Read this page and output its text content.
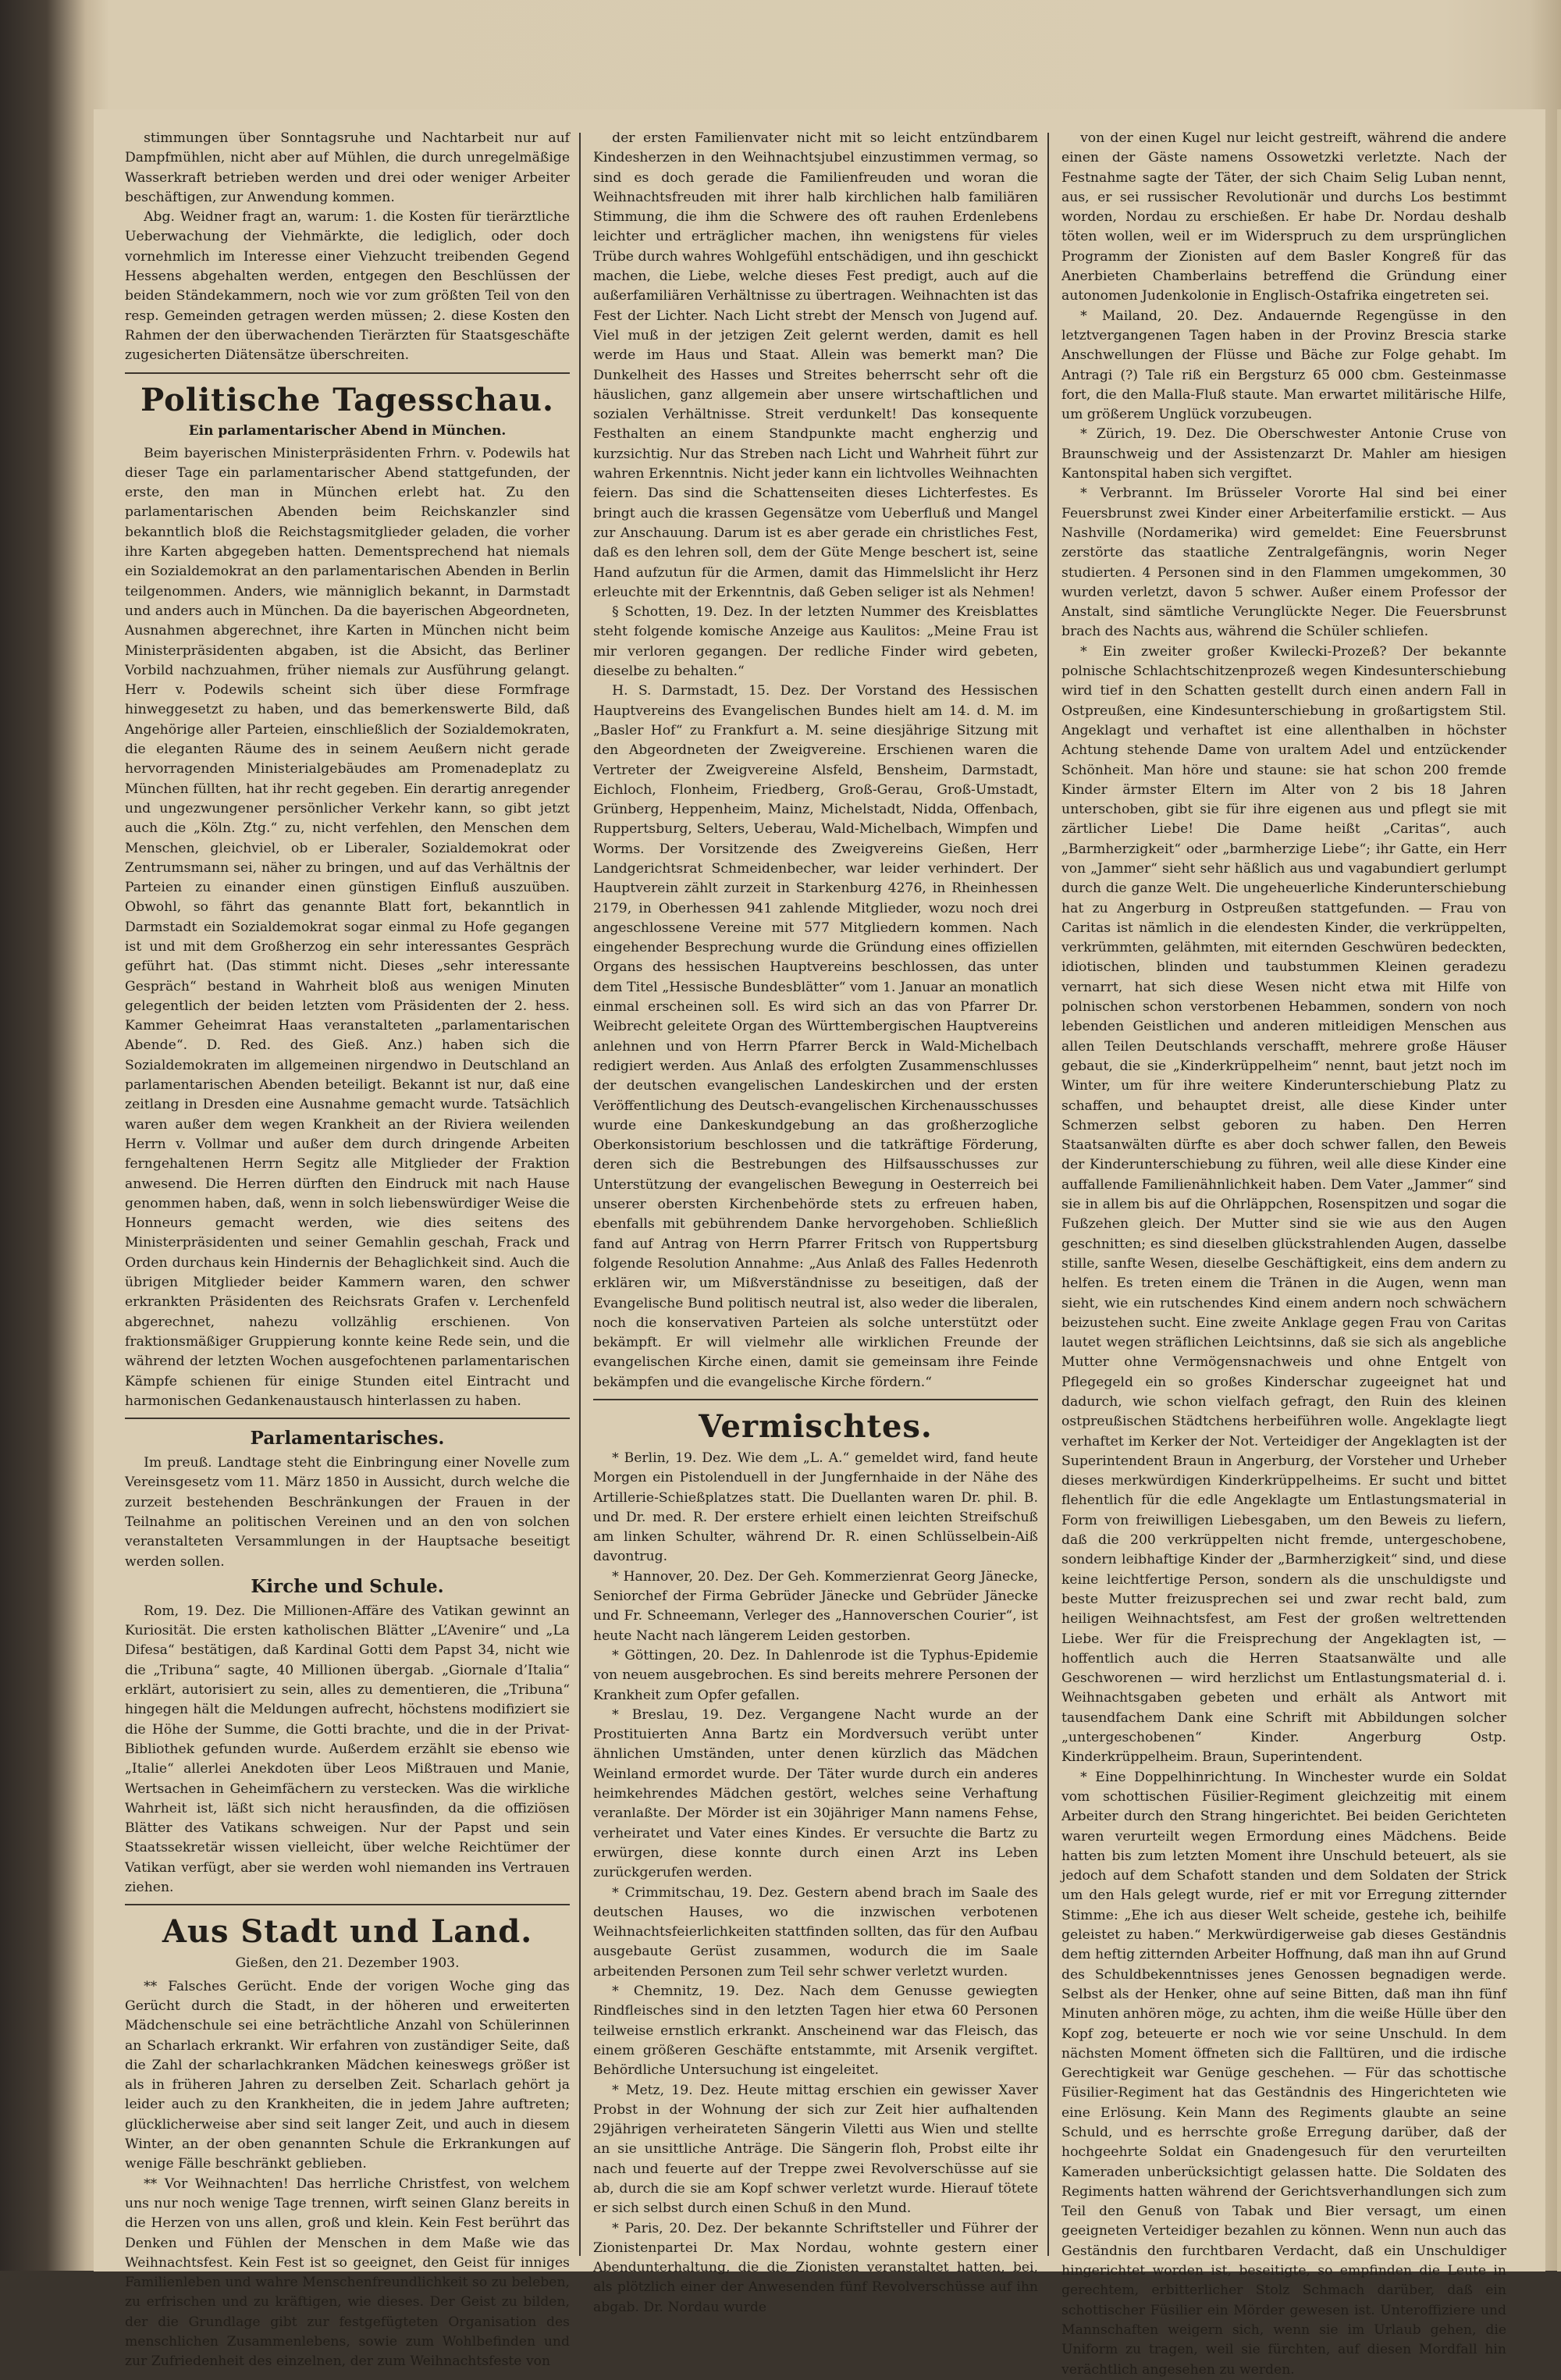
stimmungen über Sonntagsruhe und Nachtarbeit nur auf Dampfmühlen, nicht aber auf Mühlen, die durch unregelmäßige Wasserkraft betrieben werden und drei oder weniger Arbeiter beschäftigen, zur Anwendung kommen.

Abg. Weidner fragt an, warum: 1. die Kosten für tierärztliche Ueberwachung der Viehmärkte, die lediglich, oder doch vornehmlich im Interesse einer Viehzucht treibenden Gegend Hessens abgehalten werden, entgegen den Beschlüssen der beiden Ständekammern, noch wie vor zum größten Teil von den resp. Gemeinden getragen werden müssen; 2. diese Kosten den Rahmen der den überwachenden Tierärzten für Staatsgeschäfte zugesicherten Diätensätze überschreiten.

Politische Tagesschau.
Ein parlamentarischer Abend in München.

Beim bayerischen Ministerpräsidenten Frhrn. v. Podewils hat dieser Tage ein parlamentarischer Abend stattgefunden, der erste, den man in München erlebt hat. Zu den parlamentarischen Abenden beim Reichskanzler sind bekanntlich bloß die Reichstagsmitglieder geladen, die vorher ihre Karten abgegeben hatten. Dementsprechend hat niemals ein Sozialdemokrat an den parlamentarischen Abenden in Berlin teilgenommen. Anders, wie männiglich bekannt, in Darmstadt und anders auch in München. Da die bayerischen Abgeordneten, Ausnahmen abgerechnet, ihre Karten in München nicht beim Ministerpräsidenten abgaben, ist die Absicht, das Berliner Vorbild nachzuahmen, früher niemals zur Ausführung gelangt. Herr v. Podewils scheint sich über diese Formfrage hinweggesetzt zu haben, und das bemerkenswerte Bild, daß Angehörige aller Parteien, einschließlich der Sozialdemokraten, die eleganten Räume des in seinem Aeußern nicht gerade hervorragenden Ministerialgebäudes am Promenadeplatz zu München füllten, hat ihr recht gegeben. Ein derartig anregender und ungezwungener persönlicher Verkehr kann, so gibt jetzt auch die „Köln. Ztg.“ zu, nicht verfehlen, den Menschen dem Menschen, gleichviel, ob er Liberaler, Sozialdemokrat oder Zentrumsmann sei, näher zu bringen, und auf das Verhältnis der Parteien zu einander einen günstigen Einfluß auszuüben. Obwohl, so fährt das genannte Blatt fort, bekanntlich in Darmstadt ein Sozialdemokrat sogar einmal zu Hofe gegangen ist und mit dem Großherzog ein sehr interessantes Gespräch geführt hat. (Das stimmt nicht. Dieses „sehr interessante Gespräch“ bestand in Wahrheit bloß aus wenigen Minuten gelegentlich der beiden letzten vom Präsidenten der 2. hess. Kammer Geheimrat Haas veranstalteten „parlamentarischen Abende“. D. Red. des Gieß. Anz.) haben sich die Sozialdemokraten im allgemeinen nirgendwo in Deutschland an parlamentarischen Abenden beteiligt. Bekannt ist nur, daß eine zeitlang in Dresden eine Ausnahme gemacht wurde. Tatsächlich waren außer dem wegen Krankheit an der Riviera weilenden Herrn v. Vollmar und außer dem durch dringende Arbeiten ferngehaltenen Herrn Segitz alle Mitglieder der Fraktion anwesend. Die Herren dürften den Eindruck mit nach Hause genommen haben, daß, wenn in solch liebenswürdiger Weise die Honneurs gemacht werden, wie dies seitens des Ministerpräsidenten und seiner Gemahlin geschah, Frack und Orden durchaus kein Hindernis der Behaglichkeit sind. Auch die übrigen Mitglieder beider Kammern waren, den schwer erkrankten Präsidenten des Reichsrats Grafen v. Lerchenfeld abgerechnet, nahezu vollzählig erschienen. Von fraktionsmäßiger Gruppierung konnte keine Rede sein, und die während der letzten Wochen ausgefochtenen parlamentarischen Kämpfe schienen für einige Stunden eitel Eintracht und harmonischen Gedankenaustausch hinterlassen zu haben.

Parlamentarisches.

Im preuß. Landtage steht die Einbringung einer Novelle zum Vereinsgesetz vom 11. März 1850 in Aussicht, durch welche die zurzeit bestehenden Beschränkungen der Frauen in der Teilnahme an politischen Vereinen und an den von solchen veranstalteten Versammlungen in der Hauptsache beseitigt werden sollen.

Kirche und Schule.

Rom, 19. Dez. Die Millionen-Affäre des Vatikan gewinnt an Kuriosität. Die ersten katholischen Blätter „L’Avenire“ und „La Difesa“ bestätigen, daß Kardinal Gotti dem Papst 34, nicht wie die „Tribuna“ sagte, 40 Millionen übergab. „Giornale d’Italia“ erklärt, autorisiert zu sein, alles zu dementieren, die „Tribuna“ hingegen hält die Meldungen aufrecht, höchstens modifiziert sie die Höhe der Summe, die Gotti brachte, und die in der Privat-Bibliothek gefunden wurde. Außerdem erzählt sie ebenso wie „Italie“ allerlei Anekdoten über Leos Mißtrauen und Manie, Wertsachen in Geheimfächern zu verstecken. Was die wirkliche Wahrheit ist, läßt sich nicht herausfinden, da die offiziösen Blätter des Vatikans schweigen. Nur der Papst und sein Staatssekretär wissen vielleicht, über welche Reichtümer der Vatikan verfügt, aber sie werden wohl niemanden ins Vertrauen ziehen.

Aus Stadt und Land.

Gießen, den 21. Dezember 1903.

** Falsches Gerücht. Ende der vorigen Woche ging das Gerücht durch die Stadt, in der höheren und erweiterten Mädchenschule sei eine beträchtliche Anzahl von Schülerinnen an Scharlach erkrankt. Wir erfahren von zuständiger Seite, daß die Zahl der scharlachkranken Mädchen keineswegs größer ist als in früheren Jahren zu derselben Zeit. Scharlach gehört ja leider auch zu den Krankheiten, die in jedem Jahre auftreten; glücklicherweise aber sind seit langer Zeit, und auch in diesem Winter, an der oben genannten Schule die Erkrankungen auf wenige Fälle beschränkt geblieben.

** Vor Weihnachten! Das herrliche Christfest, von welchem uns nur noch wenige Tage trennen, wirft seinen Glanz bereits in die Herzen von uns allen, groß und klein. Kein Fest berührt das Denken und Fühlen der Menschen in dem Maße wie das Weihnachtsfest. Kein Fest ist so geeignet, den Geist für inniges Familienleben und wahre Menschenfreundlichkeit so zu beleben, zu erfrischen und zu kräftigen, wie dieses. Der Geist zu bilden, der die Grundlage gibt zur festgefügteten Organisation des menschlichen Zusammenlebens, sowie zum Wohlbefinden und zur Zufriedenheit des einzelnen, der zum Weihnachtsfeste von

der ersten Familienvater nicht mit so leicht entzündbarem Kindesherzen in den Weihnachtsjubel einzustimmen vermag, so sind es doch gerade die Familienfreuden und woran die Weihnachtsfreuden mit ihrer halb kirchlichen halb familiären Stimmung, die ihm die Schwere des oft rauhen Erdenlebens leichter und erträglicher machen, ihn wenigstens für vieles Trübe durch wahres Wohlgefühl entschädigen, und ihn geschickt machen, die Liebe, welche dieses Fest predigt, auch auf die außerfamiliären Verhältnisse zu übertragen. Weihnachten ist das Fest der Lichter. Nach Licht strebt der Mensch von Jugend auf. Viel muß in der jetzigen Zeit gelernt werden, damit es hell werde im Haus und Staat. Allein was bemerkt man? Die Dunkelheit des Hasses und Streites beherrscht sehr oft die häuslichen, ganz allgemein aber unsere wirtschaftlichen und sozialen Verhältnisse. Streit verdunkelt! Das konsequente Festhalten an einem Standpunkte macht engherzig und kurzsichtig. Nur das Streben nach Licht und Wahrheit führt zur wahren Erkenntnis. Nicht jeder kann ein lichtvolles Weihnachten feiern. Das sind die Schattenseiten dieses Lichterfestes. Es bringt auch die krassen Gegensätze vom Ueberfluß und Mangel zur Anschauung. Darum ist es aber gerade ein christliches Fest, daß es den lehren soll, dem der Güte Menge beschert ist, seine Hand aufzutun für die Armen, damit das Himmelslicht ihr Herz erleuchte mit der Erkenntnis, daß Geben seliger ist als Nehmen!

§ Schotten, 19. Dez. In der letzten Nummer des Kreisblattes steht folgende komische Anzeige aus Kaulitos: „Meine Frau ist mir verloren gegangen. Der redliche Finder wird gebeten, dieselbe zu behalten.“

H. S. Darmstadt, 15. Dez. Der Vorstand des Hessischen Hauptvereins des Evangelischen Bundes hielt am 14. d. M. im „Basler Hof“ zu Frankfurt a. M. seine diesjährige Sitzung mit den Abgeordneten der Zweigvereine. Erschienen waren die Vertreter der Zweigvereine Alsfeld, Bensheim, Darmstadt, Eichloch, Flonheim, Friedberg, Groß-Gerau, Groß-Umstadt, Grünberg, Heppenheim, Mainz, Michelstadt, Nidda, Offenbach, Ruppertsburg, Selters, Ueberau, Wald-Michelbach, Wimpfen und Worms. Der Vorsitzende des Zweigvereins Gießen, Herr Landgerichtsrat Schmeidenbecher, war leider verhindert. Der Hauptverein zählt zurzeit in Starkenburg 4276, in Rheinhessen 2179, in Oberhessen 941 zahlende Mitglieder, wozu noch drei angeschlossene Vereine mit 577 Mitgliedern kommen. Nach eingehender Besprechung wurde die Gründung eines offiziellen Organs des hessischen Hauptvereins beschlossen, das unter dem Titel „Hessische Bundesblätter“ vom 1. Januar an monatlich einmal erscheinen soll. Es wird sich an das von Pfarrer Dr. Weibrecht geleitete Organ des Württembergischen Hauptvereins anlehnen und von Herrn Pfarrer Berck in Wald-Michelbach redigiert werden. Aus Anlaß des erfolgten Zusammenschlusses der deutschen evangelischen Landeskirchen und der ersten Veröffentlichung des Deutsch-evangelischen Kirchenausschusses wurde eine Dankeskundgebung an das großherzogliche Oberkonsistorium beschlossen und die tatkräftige Förderung, deren sich die Bestrebungen des Hilfsausschusses zur Unterstützung der evangelischen Bewegung in Oesterreich bei unserer obersten Kirchenbehörde stets zu erfreuen haben, ebenfalls mit gebührendem Danke hervorgehoben. Schließlich fand auf Antrag von Herrn Pfarrer Fritsch von Ruppertsburg folgende Resolution Annahme: „Aus Anlaß des Falles Hedenroth erklären wir, um Mißverständnisse zu beseitigen, daß der Evangelische Bund politisch neutral ist, also weder die liberalen, noch die konservativen Parteien als solche unterstützt oder bekämpft. Er will vielmehr alle wirklichen Freunde der evangelischen Kirche einen, damit sie gemeinsam ihre Feinde bekämpfen und die evangelische Kirche fördern.“

Vermischtes.

* Berlin, 19. Dez. Wie dem „L. A.“ gemeldet wird, fand heute Morgen ein Pistolenduell in der Jungfernhaide in der Nähe des Artillerie-Schießplatzes statt. Die Duellanten waren Dr. phil. B. und Dr. med. R. Der erstere erhielt einen leichten Streifschuß am linken Schulter, während Dr. R. einen Schlüsselbein-Aiß davontrug.

* Hannover, 20. Dez. Der Geh. Kommerzienrat Georg Jänecke, Seniorchef der Firma Gebrüder Jänecke und Gebrüder Jänecke und Fr. Schneemann, Verleger des „Hannoverschen Courier“, ist heute Nacht nach längerem Leiden gestorben.

* Göttingen, 20. Dez. In Dahlenrode ist die Typhus-Epidemie von neuem ausgebrochen. Es sind bereits mehrere Personen der Krankheit zum Opfer gefallen.

* Breslau, 19. Dez. Vergangene Nacht wurde an der Prostituierten Anna Bartz ein Mordversuch verübt unter ähnlichen Umständen, unter denen kürzlich das Mädchen Weinland ermordet wurde. Der Täter wurde durch ein anderes heimkehrendes Mädchen gestört, welches seine Verhaftung veranlaßte. Der Mörder ist ein 30jähriger Mann namens Fehse, verheiratet und Vater eines Kindes. Er versuchte die Bartz zu erwürgen, diese konnte durch einen Arzt ins Leben zurückgerufen werden.

* Crimmitschau, 19. Dez. Gestern abend brach im Saale des deutschen Hauses, wo die inzwischen verbotenen Weihnachtsfeierlichkeiten stattfinden sollten, das für den Aufbau ausgebaute Gerüst zusammen, wodurch die im Saale arbeitenden Personen zum Teil sehr schwer verletzt wurden.

* Chemnitz, 19. Dez. Nach dem Genusse gewiegten Rindfleisches sind in den letzten Tagen hier etwa 60 Personen teilweise ernstlich erkrankt. Anscheinend war das Fleisch, das einem größeren Geschäfte entstammte, mit Arsenik vergiftet. Behördliche Untersuchung ist eingeleitet.

* Metz, 19. Dez. Heute mittag erschien ein gewisser Xaver Probst in der Wohnung der sich zur Zeit hier aufhaltenden 29jährigen verheirateten Sängerin Viletti aus Wien und stellte an sie unsittliche Anträge. Die Sängerin floh, Probst eilte ihr nach und feuerte auf der Treppe zwei Revolverschüsse auf sie ab, durch die sie am Kopf schwer verletzt wurde. Hierauf tötete er sich selbst durch einen Schuß in den Mund.

* Paris, 20. Dez. Der bekannte Schriftsteller und Führer der Zionistenpartei Dr. Max Nordau, wohnte gestern einer Abendunterhaltung, die die Zionisten veranstaltet hatten, bei, als plötzlich einer der Anwesenden fünf Revolverschüsse auf ihn abgab. Dr. Nordau wurde

von der einen Kugel nur leicht gestreift, während die andere einen der Gäste namens Ossowetzki verletzte. Nach der Festnahme sagte der Täter, der sich Chaim Selig Luban nennt, aus, er sei russischer Revolutionär und durchs Los bestimmt worden, Nordau zu erschießen. Er habe Dr. Nordau deshalb töten wollen, weil er im Widerspruch zu dem ursprünglichen Programm der Zionisten auf dem Basler Kongreß für das Anerbieten Chamberlains betreffend die Gründung einer autonomen Judenkolonie in Englisch-Ostafrika eingetreten sei.

* Mailand, 20. Dez. Andauernde Regengüsse in den letztvergangenen Tagen haben in der Provinz Brescia starke Anschwellungen der Flüsse und Bäche zur Folge gehabt. Im Antragi (?) Tale riß ein Bergsturz 65 000 cbm. Gesteinmasse fort, die den Malla-Fluß staute. Man erwartet militärische Hilfe, um größerem Unglück vorzubeugen.

* Zürich, 19. Dez. Die Oberschwester Antonie Cruse von Braunschweig und der Assistenzarzt Dr. Mahler am hiesigen Kantonspital haben sich vergiftet.

* Verbrannt. Im Brüsseler Vororte Hal sind bei einer Feuersbrunst zwei Kinder einer Arbeiterfamilie erstickt. — Aus Nashville (Nordamerika) wird gemeldet: Eine Feuersbrunst zerstörte das staatliche Zentralgefängnis, worin Neger studierten. 4 Personen sind in den Flammen umgekommen, 30 wurden verletzt, davon 5 schwer. Außer einem Professor der Anstalt, sind sämtliche Verunglückte Neger. Die Feuersbrunst brach des Nachts aus, während die Schüler schliefen.

* Ein zweiter großer Kwilecki-Prozeß? Der bekannte polnische Schlachtschitzenprozeß wegen Kindesunterschiebung wird tief in den Schatten gestellt durch einen andern Fall in Ostpreußen, eine Kindesunterschiebung in großartigstem Stil. Angeklagt und verhaftet ist eine allenthalben in höchster Achtung stehende Dame von uraltem Adel und entzückender Schönheit. Man höre und staune: sie hat schon 200 fremde Kinder ärmster Eltern im Alter von 2 bis 18 Jahren unterschoben, gibt sie für ihre eigenen aus und pflegt sie mit zärtlicher Liebe! Die Dame heißt „Caritas“, auch „Barmherzigkeit“ oder „barmherzige Liebe“; ihr Gatte, ein Herr von „Jammer“ sieht sehr häßlich aus und vagabundiert gerlumpt durch die ganze Welt. Die ungeheuerliche Kinderunterschiebung hat zu Angerburg in Ostpreußen stattgefunden. — Frau von Caritas ist nämlich in die elendesten Kinder, die verkrüppelten, verkrümmten, gelähmten, mit eiternden Geschwüren bedeckten, idiotischen, blinden und taubstummen Kleinen geradezu vernarrt, hat sich diese Wesen nicht etwa mit Hilfe von polnischen schon verstorbenen Hebammen, sondern von noch lebenden Geistlichen und anderen mitleidigen Menschen aus allen Teilen Deutschlands verschafft, mehrere große Häuser gebaut, die sie „Kinderkrüppelheim“ nennt, baut jetzt noch im Winter, um für ihre weitere Kinderunterschiebung Platz zu schaffen, und behauptet dreist, alle diese Kinder unter Schmerzen selbst geboren zu haben. Den Herren Staatsanwälten dürfte es aber doch schwer fallen, den Beweis der Kinderunterschiebung zu führen, weil alle diese Kinder eine auffallende Familienähnlichkeit haben. Dem Vater „Jammer“ sind sie in allem bis auf die Ohrläppchen, Rosenspitzen und sogar die Fußzehen gleich. Der Mutter sind sie wie aus den Augen geschnitten; es sind dieselben glückstrahlenden Augen, dasselbe stille, sanfte Wesen, dieselbe Geschäftigkeit, eins dem andern zu helfen. Es treten einem die Tränen in die Augen, wenn man sieht, wie ein rutschendes Kind einem andern noch schwächern beizustehen sucht. Eine zweite Anklage gegen Frau von Caritas lautet wegen sträflichen Leichtsinns, daß sie sich als angebliche Mutter ohne Vermögensnachweis und ohne Entgelt von Pflegegeld ein so großes Kinderschar zugeeignet hat und dadurch, wie schon vielfach gefragt, den Ruin des kleinen ostpreußischen Städtchens herbeiführen wolle. Angeklagte liegt verhaftet im Kerker der Not. Verteidiger der Angeklagten ist der Superintendent Braun in Angerburg, der Vorsteher und Urheber dieses merkwürdigen Kinderkrüppelheims. Er sucht und bittet flehentlich für die edle Angeklagte um Entlastungsmaterial in Form von freiwilligen Liebesgaben, um den Beweis zu liefern, daß die 200 verkrüppelten nicht fremde, untergeschobene, sondern leibhaftige Kinder der „Barmherzigkeit“ sind, und diese keine leichtfertige Person, sondern als die unschuldigste und beste Mutter freizusprechen sei und zwar recht bald, zum heiligen Weihnachtsfest, am Fest der großen weltrettenden Liebe. Wer für die Freisprechung der Angeklagten ist, — hoffentlich auch die Herren Staatsanwälte und alle Geschworenen — wird herzlichst um Entlastungsmaterial d. i. Weihnachtsgaben gebeten und erhält als Antwort mit tausendfachem Dank eine Schrift mit Abbildungen solcher „untergeschobenen“ Kinder. Angerburg Ostp. Kinderkrüppelheim. Braun, Superintendent.

* Eine Doppelhinrichtung. In Winchester wurde ein Soldat vom schottischen Füsilier-Regiment gleichzeitig mit einem Arbeiter durch den Strang hingerichtet. Bei beiden Gerichteten waren verurteilt wegen Ermordung eines Mädchens. Beide hatten bis zum letzten Moment ihre Unschuld beteuert, als sie jedoch auf dem Schafott standen und dem Soldaten der Strick um den Hals gelegt wurde, rief er mit vor Erregung zitternder Stimme: „Ehe ich aus dieser Welt scheide, gestehe ich, beihilfe geleistet zu haben.“ Merkwürdigerweise gab dieses Geständnis dem heftig zitternden Arbeiter Hoffnung, daß man ihn auf Grund des Schuldbekenntnisses jenes Genossen begnadigen werde. Selbst als der Henker, ohne auf seine Bitten, daß man ihn fünf Minuten anhören möge, zu achten, ihm die weiße Hülle über den Kopf zog, beteuerte er noch wie vor seine Unschuld. In dem nächsten Moment öffneten sich die Falltüren, und die irdische Gerechtigkeit war Genüge geschehen. — Für das schottische Füsilier-Regiment hat das Geständnis des Hingerichteten wie eine Erlösung. Kein Mann des Regiments glaubte an seine Schuld, und es herrschte große Erregung darüber, daß der hochgeehrte Soldat ein Gnadengesuch für den verurteilten Kameraden unberücksichtigt gelassen hatte. Die Soldaten des Regiments hatten während der Gerichtsverhandlungen sich zum Teil den Genuß von Tabak und Bier versagt, um einen geeigneten Verteidiger bezahlen zu können. Wenn nun auch das Geständnis den furchtbaren Verdacht, daß ein Unschuldiger hingerichtet worden ist, beseitigte, so empfinden die Leute in gerechtem, erbitterlicher Stolz Schmach darüber, daß ein schottischer Füsilier ein Mörder gewesen ist. Unteroffiziere und Mannschaften weigern sich, wenn sie im Urlaub gehen, die Uniform zu tragen, weil sie fürchten, auf diesen Mordfall hin verächtlich angesehen zu werden.
